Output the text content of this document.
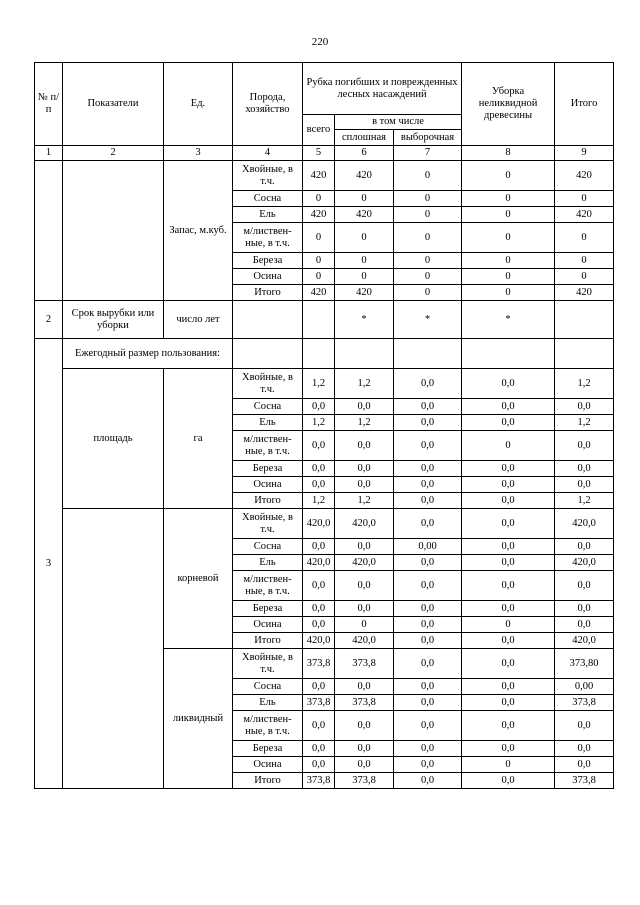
220
№ п/п	Показатели	Ед.	Порода, хозяйство	Рубка погибших и поврежденных лесных насаждений			Уборка неликвидной древесины	Итого
				всего	в том числе			
					сплошная	выборочная		
1	2	3	4	5	6	7	8	9
		Запас, м.куб.	Хвойные, в т.ч.	420	420	0	0	420
			Сосна	0	0	0	0	0
			Ель	420	420	0	0	420
			м/листвен-ные, в т.ч.	0	0	0	0	0
			Береза	0	0	0	0	0
			Осина	0	0	0	0	0
			Итого	420	420	0	0	420
2	Срок вырубки или уборки	число лет			*	*	*	
3	Ежегодный размер пользования:							
	площадь	га	Хвойные, в т.ч.	1,2	1,2	0,0	0,0	1,2
			Сосна	0,0	0,0	0,0	0,0	0,0
			Ель	1,2	1,2	0,0	0,0	1,2
			м/листвен-ные, в т.ч.	0,0	0,0	0,0	0	0,0
			Береза	0,0	0,0	0,0	0,0	0,0
			Осина	0,0	0,0	0,0	0,0	0,0
			Итого	1,2	1,2	0,0	0,0	1,2
		корневой	Хвойные, в т.ч.	420,0	420,0	0,0	0,0	420,0
			Сосна	0,0	0,0	0,00	0,0	0,0
			Ель	420,0	420,0	0,0	0,0	420,0
			м/листвен-ные, в т.ч.	0,0	0,0	0,0	0,0	0,0
			Береза	0,0	0,0	0,0	0,0	0,0
			Осина	0,0	0	0,0	0	0,0
			Итого	420,0	420,0	0,0	0,0	420,0
		ликвидный	Хвойные, в т.ч.	373,8	373,8	0,0	0,0	373,80
			Сосна	0,0	0,0	0,0	0,0	0,00
			Ель	373,8	373,8	0,0	0,0	373,8
			м/листвен-ные, в т.ч.	0,0	0,0	0,0	0,0	0,0
			Береза	0,0	0,0	0,0	0,0	0,0
			Осина	0,0	0,0	0,0	0	0,0
			Итого	373,8	373,8	0,0	0,0	373,8
